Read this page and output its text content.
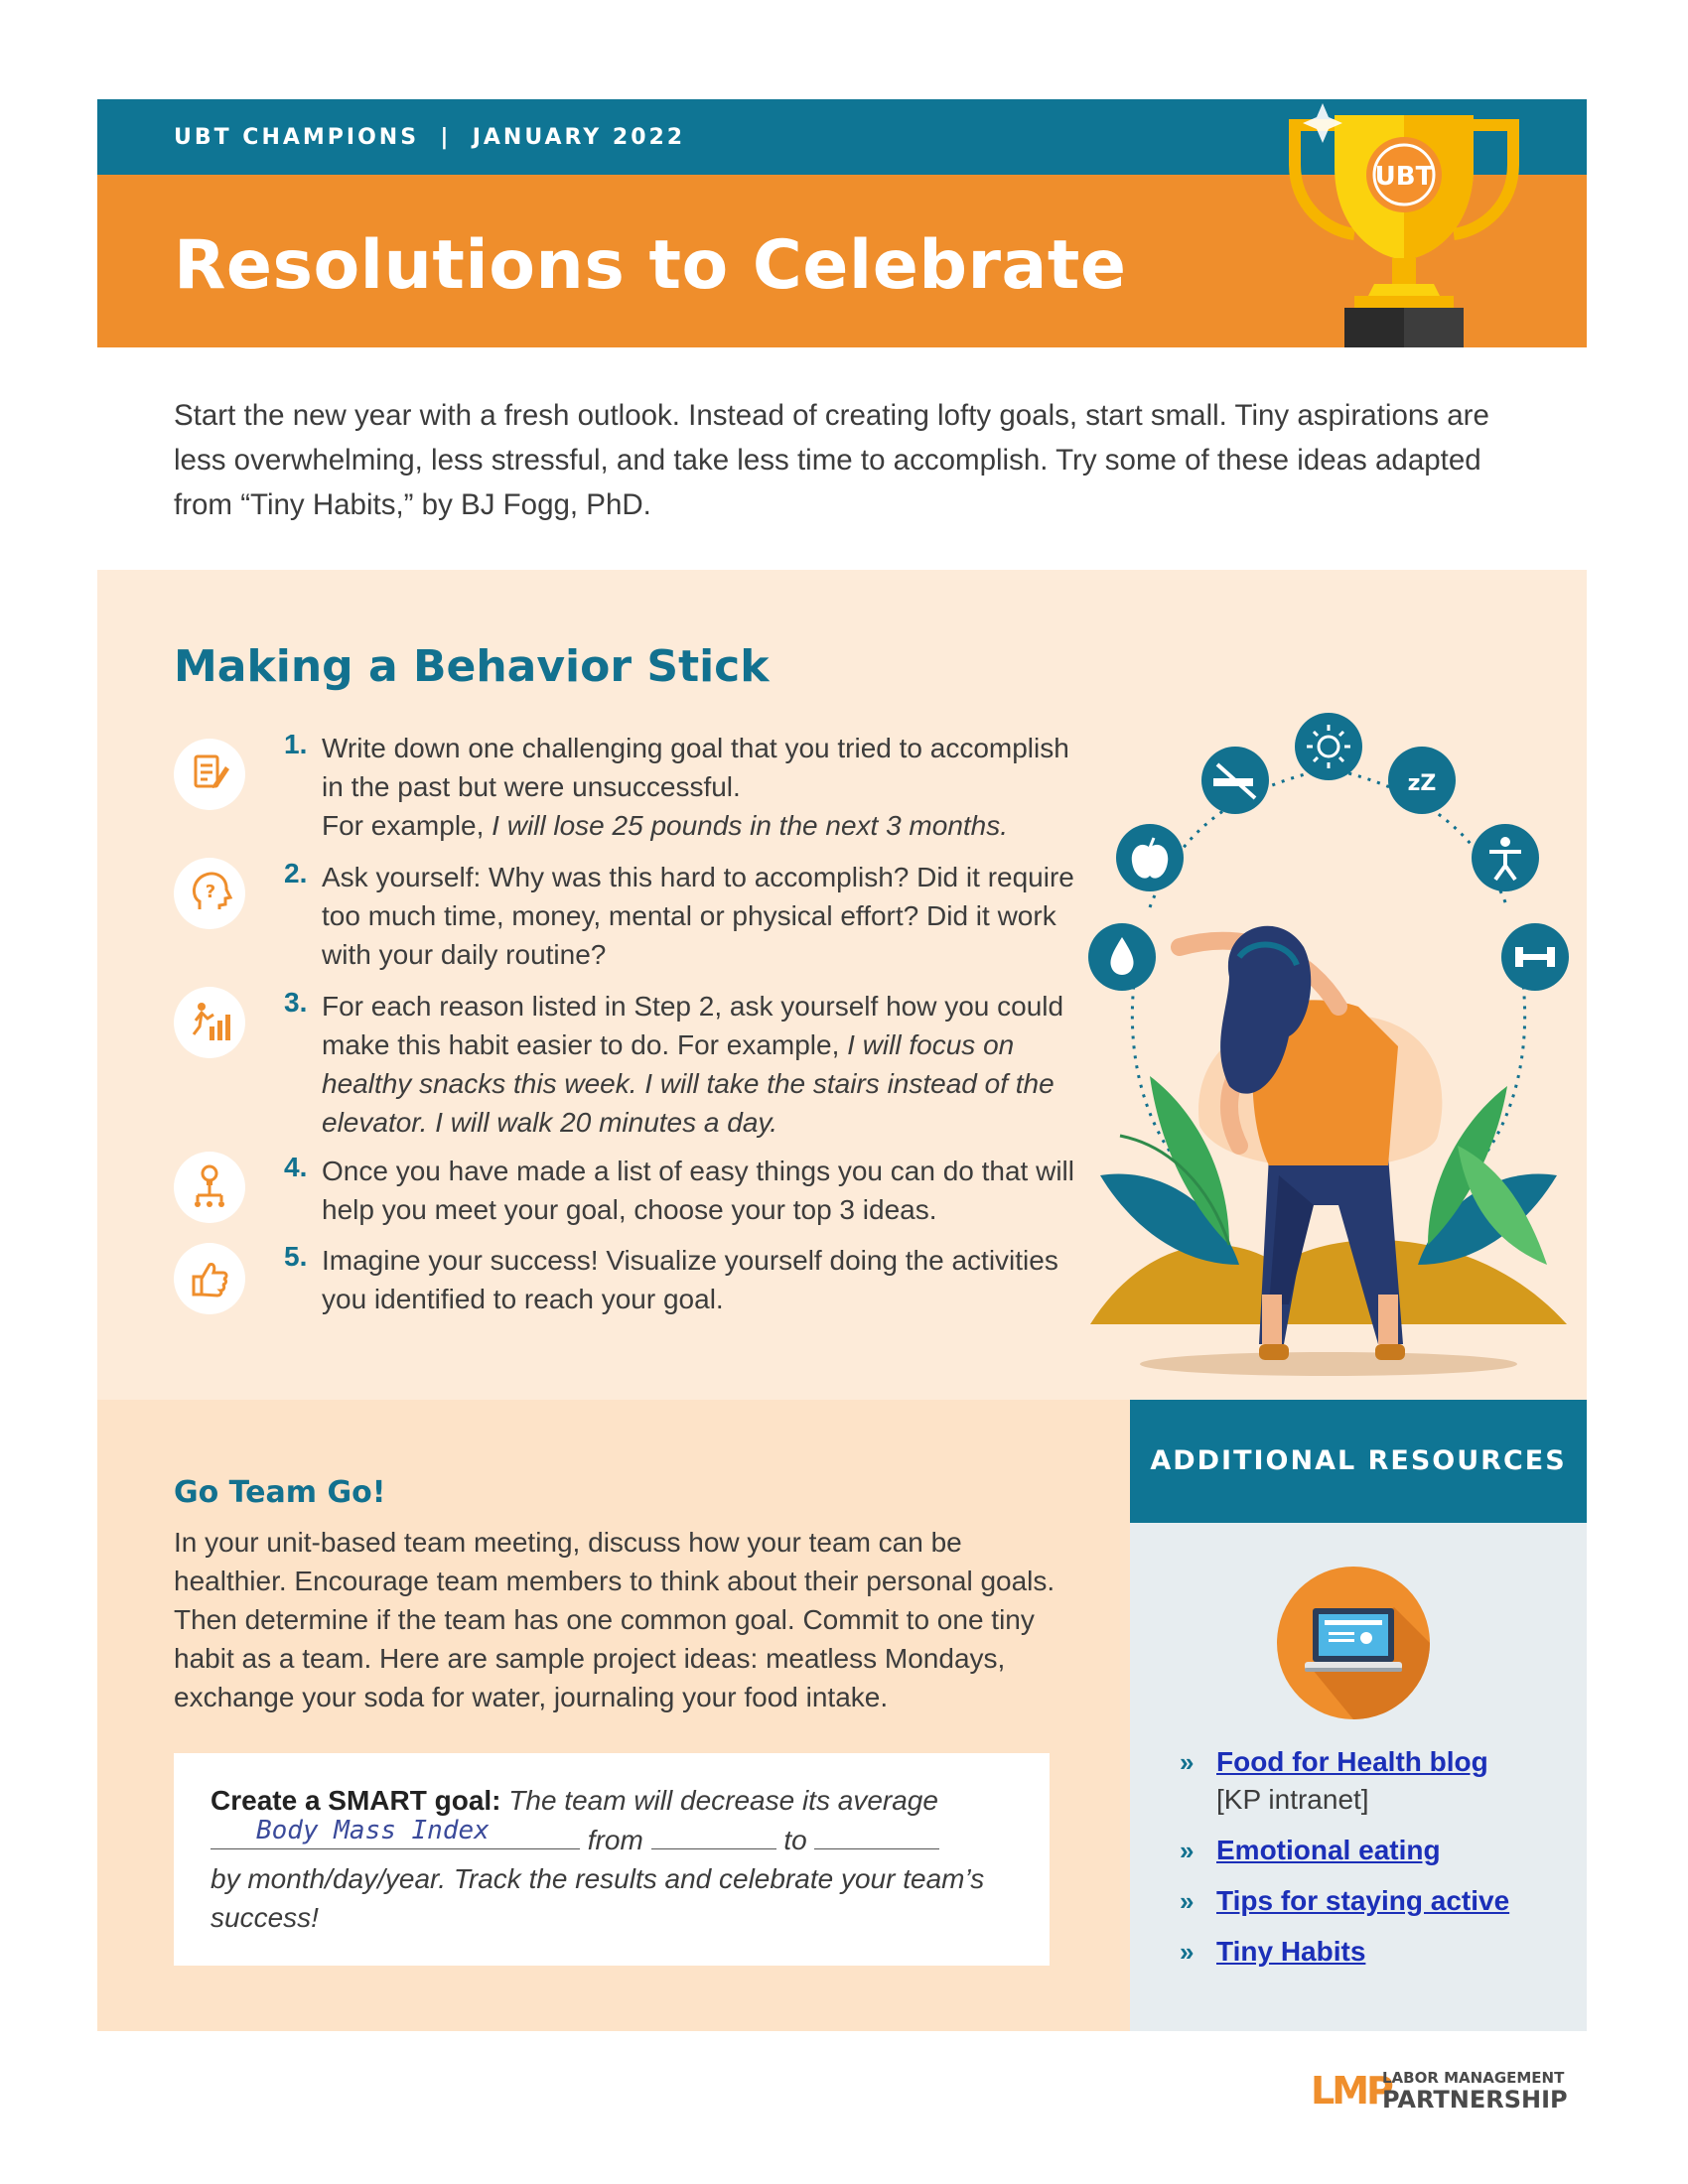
UBT CHAMPIONS  |  JANUARY 2022
Resolutions to Celebrate
UBT

Start the new year with a fresh outlook. Instead of creating lofty goals, start small. Tiny aspirations are less overwhelming, less stressful, and take less time to accomplish. Try some of these ideas adapted from “Tiny Habits,” by BJ Fogg, PhD.

Making a Behavior Stick
1. Write down one challenging goal that you tried to accomplish in the past but were unsuccessful.
For example, I will lose 25 pounds in the next 3 months.

?
2. Ask yourself: Why was this hard to accomplish? Did it require too much time, money, mental or physical effort? Did it work with your daily routine?

3. For each reason listed in Step 2, ask yourself how you could make this habit easier to do. For example, I will focus on healthy snacks this week. I will take the stairs instead of the elevator. I will walk 20 minutes a day.

4. Once you have made a list of easy things you can do that will help you meet your goal, choose your top 3 ideas.

5. Imagine your success! Visualize yourself doing the activities you identified to reach your goal.

zZ
Go Team Go!

In your unit-based team meeting, discuss how your team can be healthier. Encourage team members to think about their personal goals. Then determine if the team has one common goal. Commit to one tiny habit as a team. Here are sample project ideas: meatless Mondays, exchange your soda for water, journaling your food intake.

Create a SMART goal: The team will decrease its average

Body Mass Index	from	to
by month/day/year. Track the results and celebrate your team’s success!
ADDITIONAL RESOURCES
» Food for Health blog
[KP intranet]
» Emotional eating
» Tips for staying active
» Tiny Habits
LMP
LABOR MANAGEMENT
PARTNERSHIP
